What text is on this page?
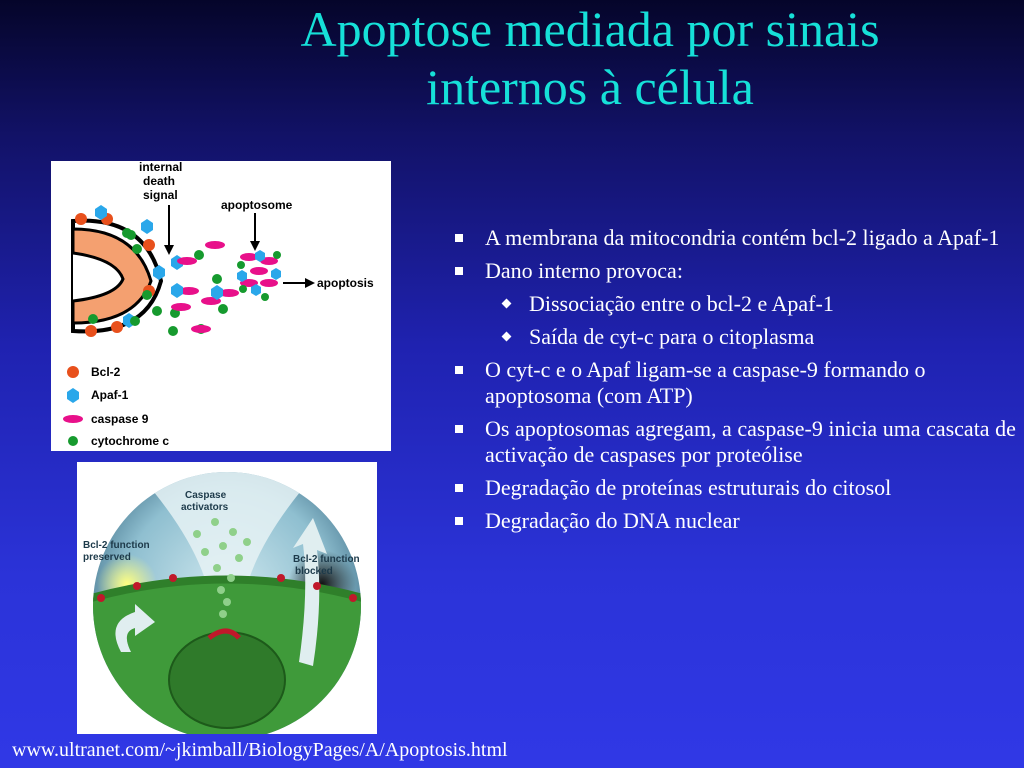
Apoptose mediada por sinais
internos à célula
internal
death
signal
apoptosome
apoptosis
Bcl-2
Apaf-1
caspase 9
cytochrome c
Caspase
activators
Bcl-2 function
preserved	Bcl-2 function
blocked
A membrana da mitocondria contém bcl-2 ligado a Apaf-1
Dano interno provoca:
Dissociação entre o bcl-2 e Apaf-1
Saída de cyt-c para o citoplasma
O cyt-c e o Apaf ligam-se a caspase-9 formando o apoptosoma (com ATP)
Os apoptosomas agregam, a caspase-9 inicia uma cascata de activação de caspases por proteólise
Degradação de proteínas estruturais do citosol
Degradação do DNA nuclear
www.ultranet.com/~jkimball/BiologyPages/A/Apoptosis.html
